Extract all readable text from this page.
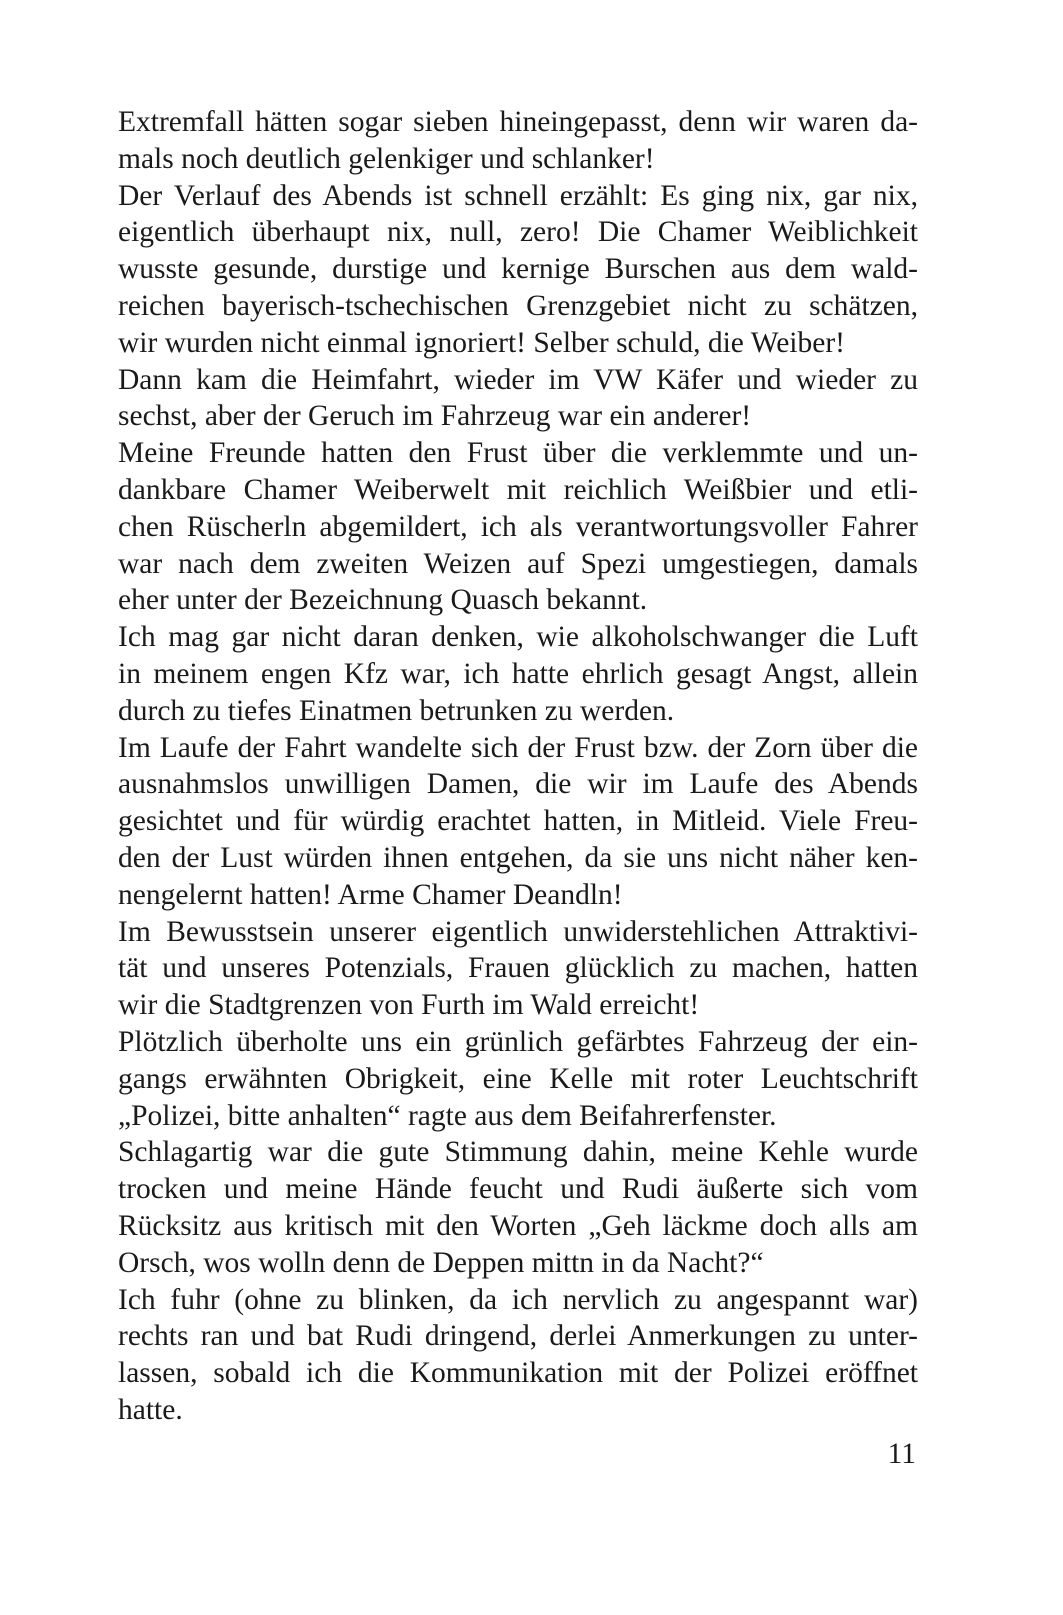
Extremfall hätten sogar sieben hineingepasst, denn wir waren da-
mals noch deutlich gelenkiger und schlanker!
Der Verlauf des Abends ist schnell erzählt: Es ging nix, gar nix,
eigentlich überhaupt nix, null, zero! Die Chamer Weiblichkeit
wusste gesunde, durstige und kernige Burschen aus dem wald-
reichen bayerisch-tschechischen Grenzgebiet nicht zu schätzen,
wir wurden nicht einmal ignoriert! Selber schuld, die Weiber!
Dann kam die Heimfahrt, wieder im VW Käfer und wieder zu
sechst, aber der Geruch im Fahrzeug war ein anderer!
Meine Freunde hatten den Frust über die verklemmte und un-
dankbare Chamer Weiberwelt mit reichlich Weißbier und etli-
chen Rüscherln abgemildert, ich als verantwortungsvoller Fahrer
war nach dem zweiten Weizen auf Spezi umgestiegen, damals
eher unter der Bezeichnung Quasch bekannt.
Ich mag gar nicht daran denken, wie alkoholschwanger die Luft
in meinem engen Kfz war, ich hatte ehrlich gesagt Angst, allein
durch zu tiefes Einatmen betrunken zu werden.
Im Laufe der Fahrt wandelte sich der Frust bzw. der Zorn über die
ausnahmslos unwilligen Damen, die wir im Laufe des Abends
gesichtet und für würdig erachtet hatten, in Mitleid. Viele Freu-
den der Lust würden ihnen entgehen, da sie uns nicht näher ken-
nengelernt hatten! Arme Chamer Deandln!
Im Bewusstsein unserer eigentlich unwiderstehlichen Attraktivi-
tät und unseres Potenzials, Frauen glücklich zu machen, hatten
wir die Stadtgrenzen von Furth im Wald erreicht!
Plötzlich überholte uns ein grünlich gefärbtes Fahrzeug der ein-
gangs erwähnten Obrigkeit, eine Kelle mit roter Leuchtschrift
„Polizei, bitte anhalten“ ragte aus dem Beifahrerfenster.
Schlagartig war die gute Stimmung dahin, meine Kehle wurde
trocken und meine Hände feucht und Rudi äußerte sich vom
Rücksitz aus kritisch mit den Worten „Geh läckme doch alls am
Orsch, wos wolln denn de Deppen mittn in da Nacht?“
Ich fuhr (ohne zu blinken, da ich nervlich zu angespannt war)
rechts ran und bat Rudi dringend, derlei Anmerkungen zu unter-
lassen, sobald ich die Kommunikation mit der Polizei eröffnet
hatte.
11
